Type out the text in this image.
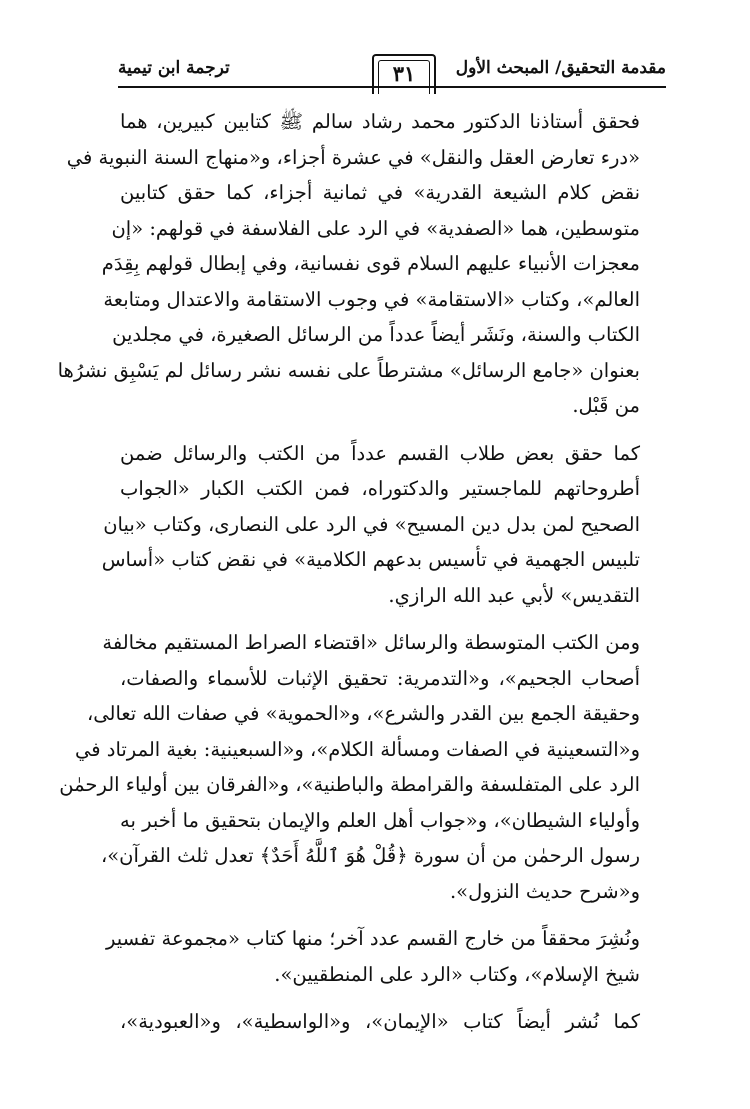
مقدمة التحقيق/ المبحث الأول
٣١
ترجمة ابن تيمية

فحقق أستاذنا الدكتور محمد رشاد سالم ﷺ كتابين كبيرين، هما
«درء تعارض العقل والنقل» في عشرة أجزاء، و«منهاج السنة النبوية في
نقض كلام الشيعة القدرية» في ثمانية أجزاء، كما حقق كتابين
متوسطين، هما «الصفدية» في الرد على الفلاسفة في قولهم: «إن
معجزات الأنبياء عليهم السلام قوى نفسانية، وفي إبطال قولهم بِقِدَم
العالم»، وكتاب «الاستقامة» في وجوب الاستقامة والاعتدال ومتابعة
الكتاب والسنة، ونَشَر أيضاً عدداً من الرسائل الصغيرة، في مجلدين
بعنوان «جامع الرسائل» مشترطاً على نفسه نشر رسائل لم يَسْبِق نشرُها
من قَبْل.

كما حقق بعض طلاب القسم عدداً من الكتب والرسائل ضمن
أطروحاتهم للماجستير والدكتوراه، فمن الكتب الكبار «الجواب
الصحيح لمن بدل دين المسيح» في الرد على النصارى، وكتاب «بيان
تلبيس الجهمية في تأسيس بدعهم الكلامية» في نقض كتاب «أساس
التقديس» لأبي عبد الله الرازي.

ومن الكتب المتوسطة والرسائل «اقتضاء الصراط المستقيم مخالفة
أصحاب الجحيم»، و«التدمرية: تحقيق الإثبات للأسماء والصفات،
وحقيقة الجمع بين القدر والشرع»، و«الحموية» في صفات الله تعالى،
و«التسعينية في الصفات ومسألة الكلام»، و«السبعينية: بغية المرتاد في
الرد على المتفلسفة والقرامطة والباطنية»، و«الفرقان بين أولياء الرحمٰن
وأولياء الشيطان»، و«جواب أهل العلم والإيمان بتحقيق ما أخبر به
رسول الرحمٰن من أن سورة ﴿قُلْ هُوَ ٱللَّهُ أَحَدٌ﴾ تعدل ثلث القرآن»،
و«شرح حديث النزول».

ونُشِرَ محققاً من خارج القسم عدد آخر؛ منها كتاب «مجموعة تفسير
شيخ الإسلام»، وكتاب «الرد على المنطقيين».

كما نُشر أيضاً كتاب «الإيمان»، و«الواسطية»، و«العبودية»،
